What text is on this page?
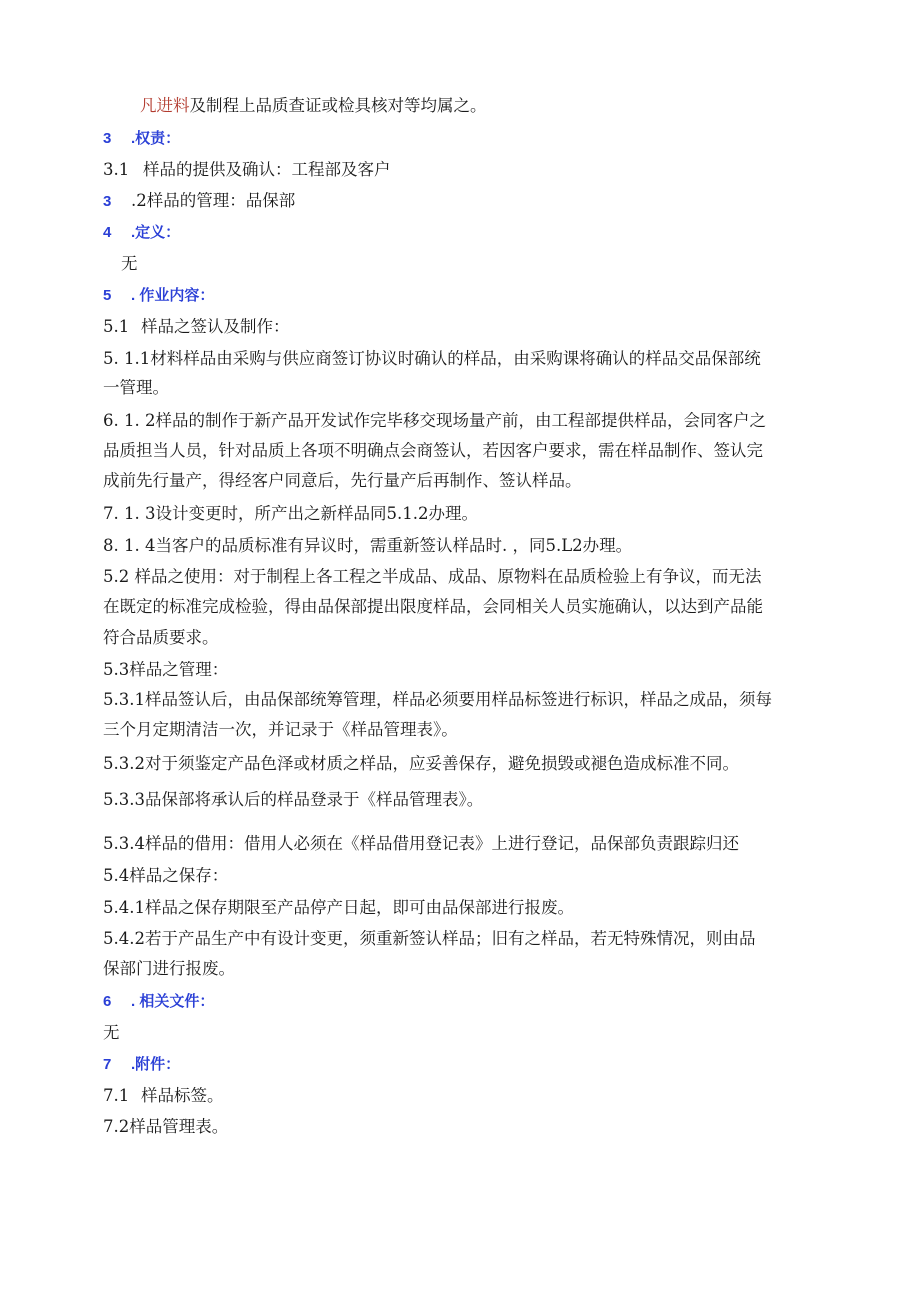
凡进料及制程上品质查证或检具核对等均属之。
3 .权责：
3.1 样品的提供及确认：工程部及客户
3 .2样品的管理：品保部
4 .定义：
无
5 . 作业内容：
5.1 样品之签认及制作：
5. 1.1材料样品由采购与供应商签订协议时确认的样品，由采购课将确认的样品交品保部统
一管理。
6. 1. 2样品的制作于新产品开发试作完毕移交现场量产前，由工程部提供样品，会同客户之
品质担当人员，针对品质上各项不明确点会商签认，若因客户要求，需在样品制作、签认完
成前先行量产，得经客户同意后，先行量产后再制作、签认样品。
7. 1. 3设计变更时，所产出之新样品同5.1.2办理。
8. 1. 4当客户的品质标准有异议时，需重新签认样品时. ，同5.L2办理。
5.2 样品之使用：对于制程上各工程之半成品、成品、原物料在品质检验上有争议，而无法
在既定的标准完成检验，得由品保部提出限度样品，会同相关人员实施确认，以达到产品能
符合品质要求。
5.3样品之管理：
5.3.1样品签认后，由品保部统筹管理，样品必须要用样品标签进行标识，样品之成品，须每
三个月定期清洁一次，并记录于《样品管理表》。
5.3.2对于须鉴定产品色泽或材质之样品，应妥善保存，避免损毁或褪色造成标准不同。
5.3.3品保部将承认后的样品登录于《样品管理表》。
5.3.4样品的借用：借用人必须在《样品借用登记表》上进行登记，品保部负责跟踪归还
5.4样品之保存：
5.4.1样品之保存期限至产品停产日起，即可由品保部进行报废。
5.4.2若于产品生产中有设计变更，须重新签认样品；旧有之样品，若无特殊情况，则由品
保部门进行报废。
6 . 相关文件：
无
7 .附件：
7.1 样品标签。
7.2样品管理表。
